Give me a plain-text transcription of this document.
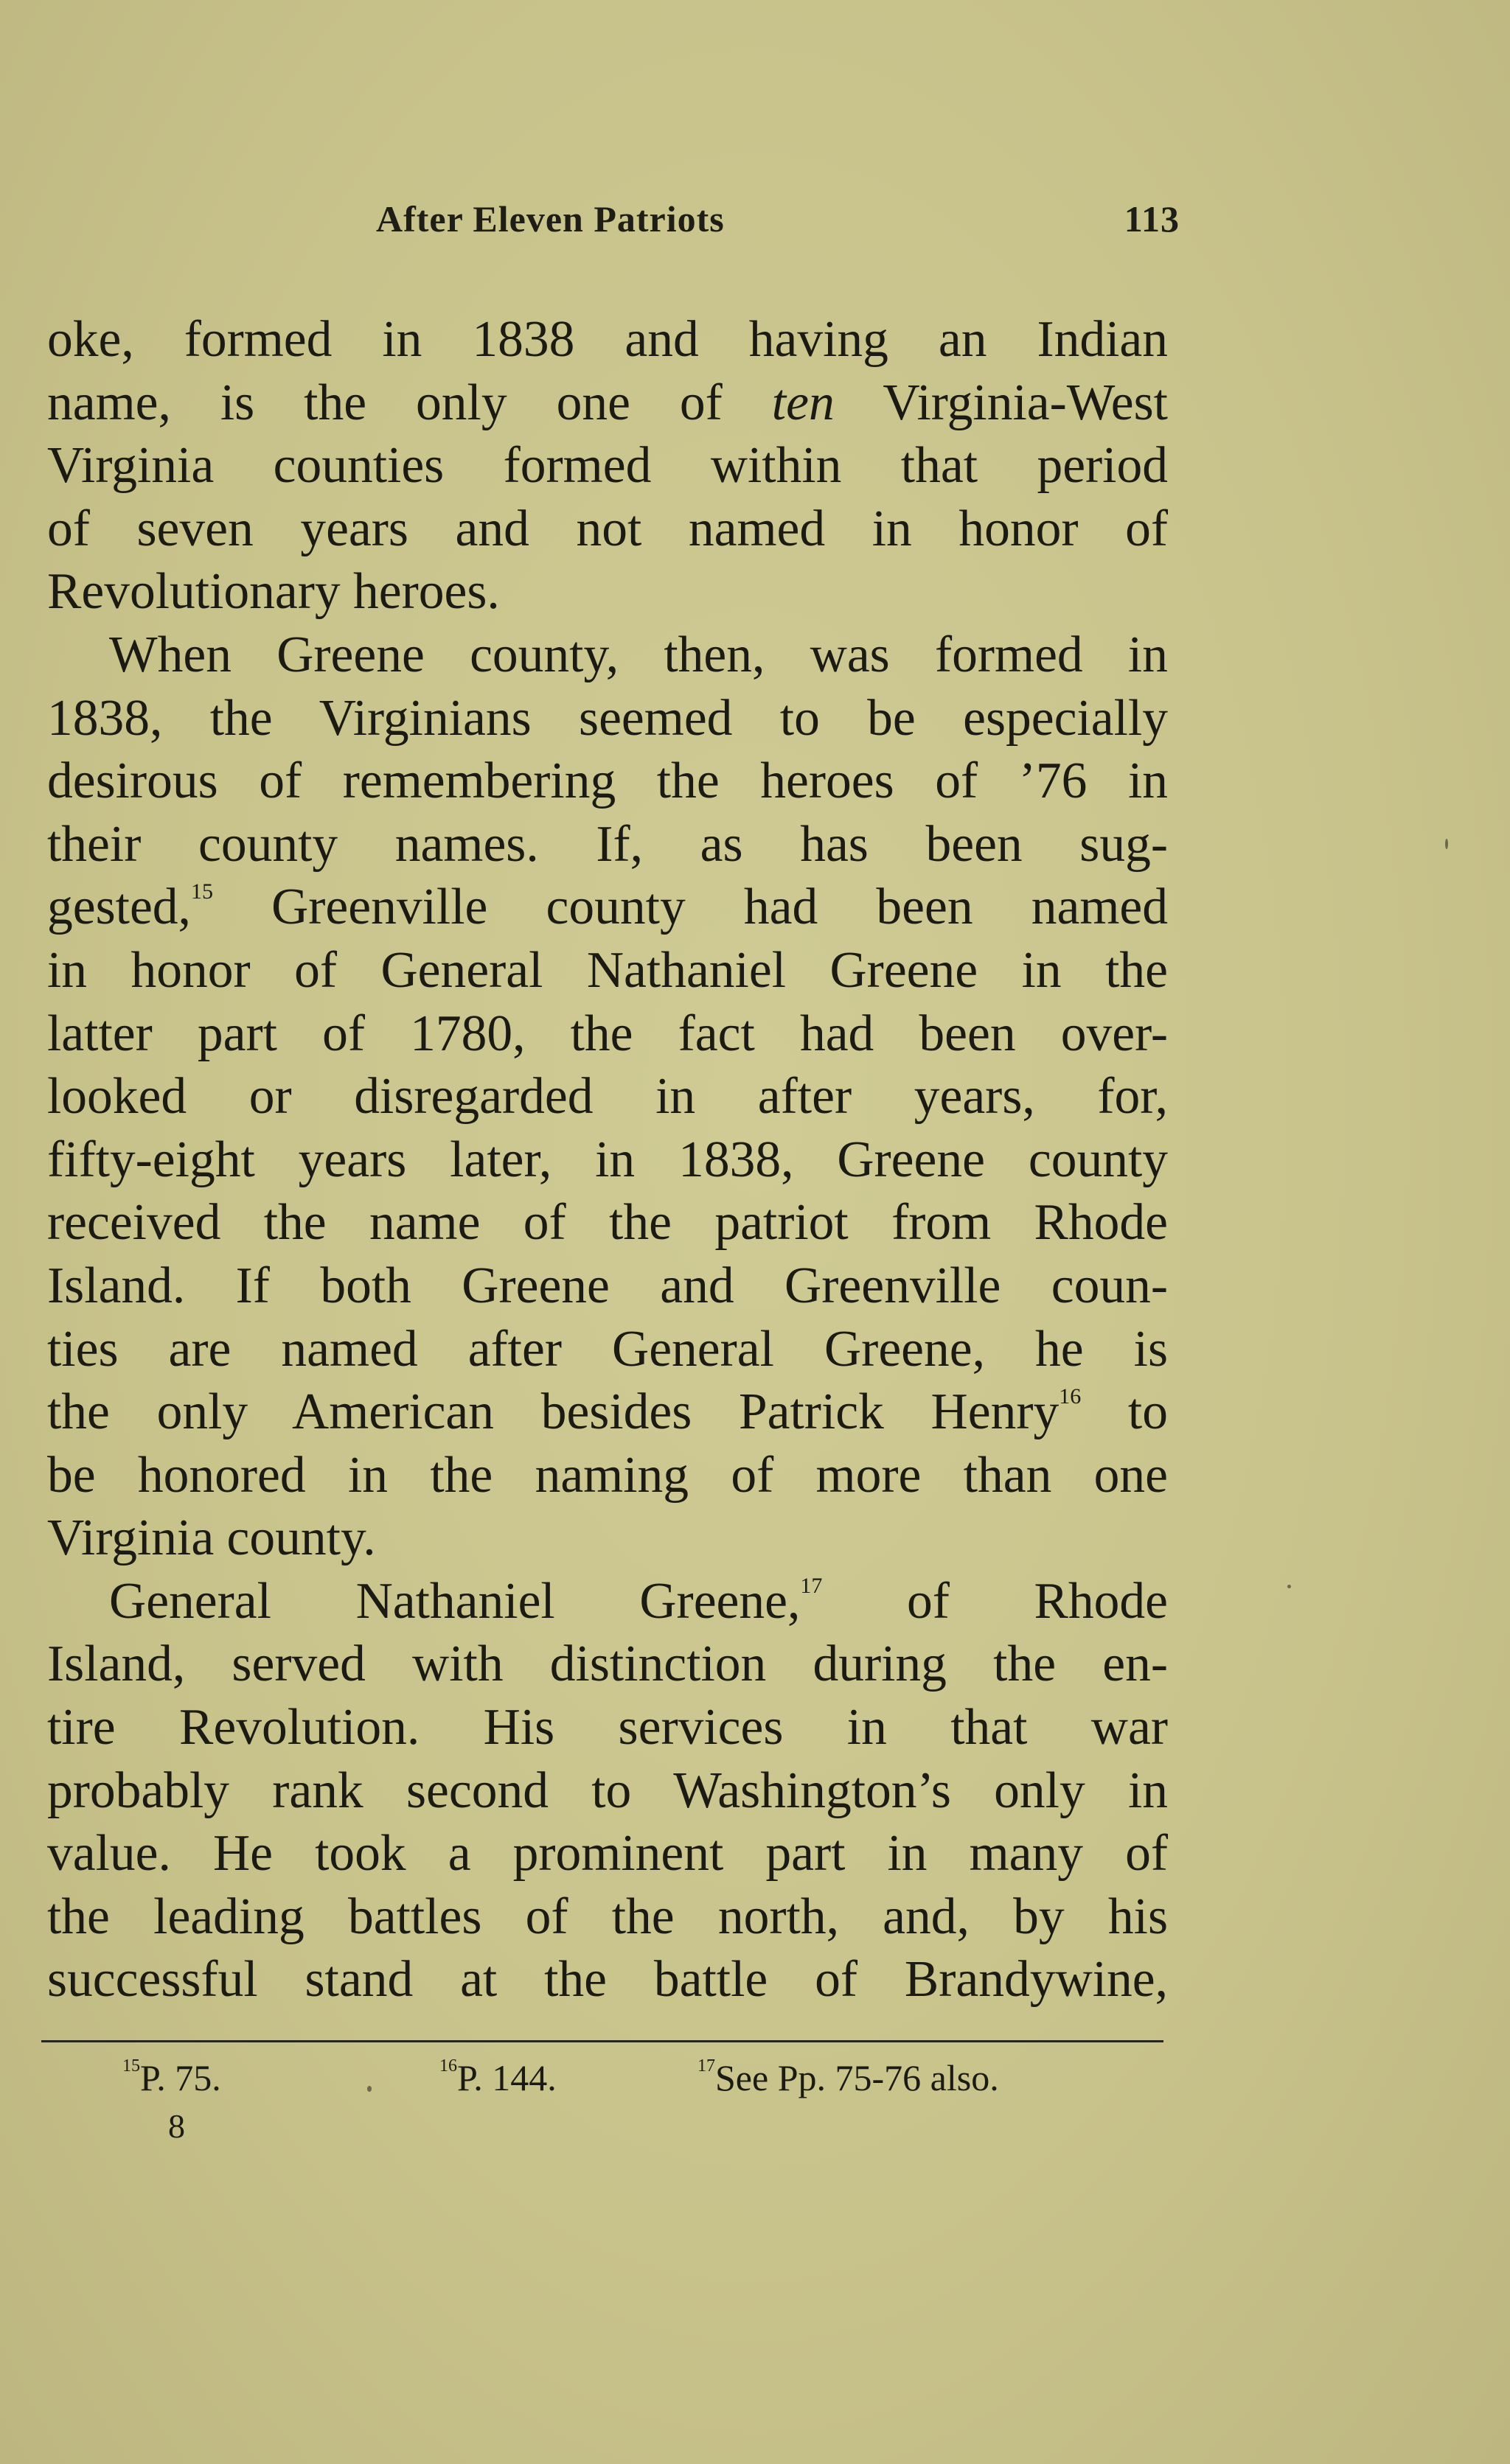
After Eleven Patriots	113

oke, formed in 1838 and having an Indian
name, is the only one of ten Virginia-West
Virginia counties formed within that period
of seven years and not named in honor of
Revolutionary heroes.

When Greene county, then, was formed in
1838, the Virginians seemed to be especially
desirous of remembering the heroes of ’76 in
their county names. If, as has been sug-
gested,$^{15}$ Greenville county had been named
in honor of General Nathaniel Greene in the
latter part of 1780, the fact had been over-
looked or disregarded in after years, for,
fifty-eight years later, in 1838, Greene county
received the name of the patriot from Rhode
Island. If both Greene and Greenville coun-
ties are named after General Greene, he is
the only American besides Patrick Henry$^{16}$ to
be honored in the naming of more than one
Virginia county.

General Nathaniel Greene,$^{17}$ of Rhode
Island, served with distinction during the en-
tire Revolution. His services in that war
probably rank second to Washington’s only in
value. He took a prominent part in many of
the leading battles of the north, and, by his
successful stand at the battle of Brandywine,

$^{15}$P. 75.	$^{16}$P. 144.	$^{17}$See Pp. 75-76 also.
8
